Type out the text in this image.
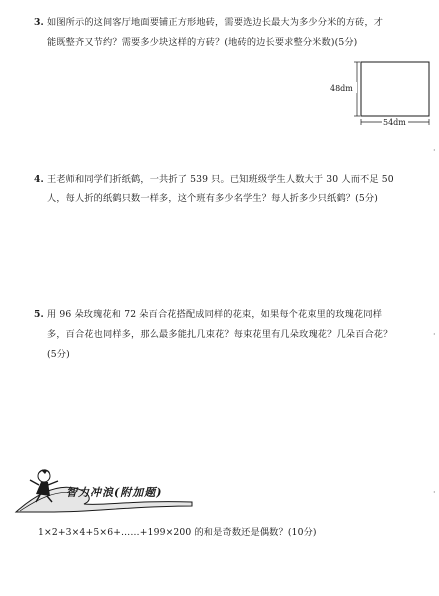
3. 如图所示的这间客厅地面要铺正方形地砖，需要选边长最大为多少分米的方砖，才
能既整齐又节约？需要多少块这样的方砖？(地砖的边长要求整分米数)(5分)
48dm
54dm
·
4. 王老师和同学们折纸鹤，一共折了 539 只。已知班级学生人数大于 30 人而不足 50
人，每人折的纸鹤只数一样多，这个班有多少名学生？每人折多少只纸鹤？(5分)
5. 用 96 朵玫瑰花和 72 朵百合花搭配成同样的花束，如果每个花束里的玫瑰花同样
多，百合花也同样多，那么最多能扎几束花？每束花里有几朵玫瑰花？几朵百合花？
(5分)
·
·
智力冲浪(附加题)
1×2+3×4+5×6+……+199×200 的和是奇数还是偶数？(10分)
